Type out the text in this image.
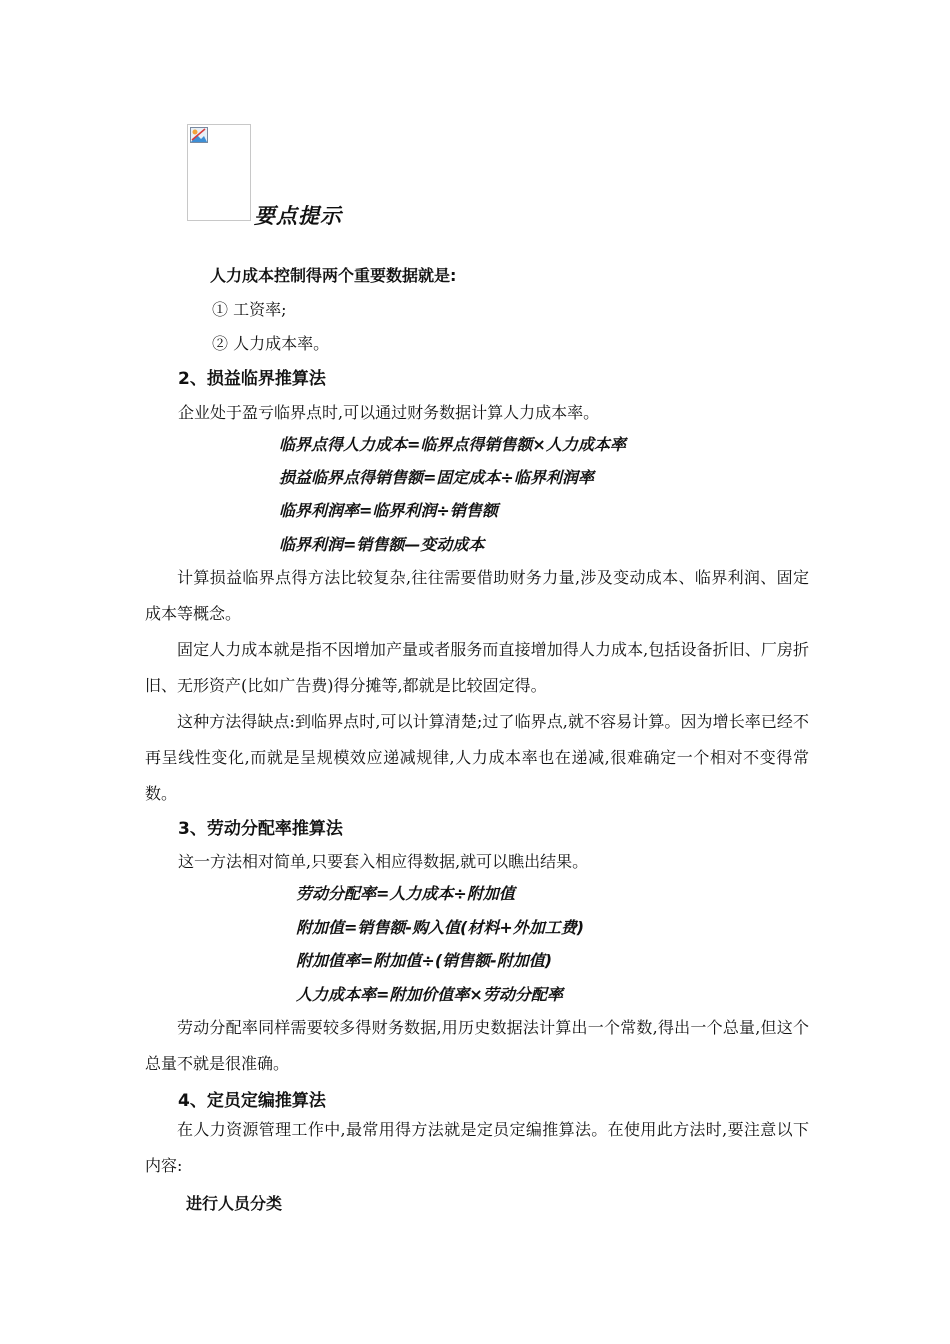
要点提示
人力成本控制得两个重要数据就是:
① 工资率;
② 人力成本率。
2、损益临界推算法
企业处于盈亏临界点时,可以通过财务数据计算人力成本率。
临界点得人力成本=临界点得销售额×人力成本率
损益临界点得销售额=固定成本÷临界利润率
临界利润率=临界利润÷销售额
临界利润=销售额—变动成本
计算损益临界点得方法比较复杂,往往需要借助财务力量,涉及变动成本、临界利润、固定成本等概念。
固定人力成本就是指不因增加产量或者服务而直接增加得人力成本,包括设备折旧、厂房折旧、无形资产(比如广告费)得分摊等,都就是比较固定得。
这种方法得缺点:到临界点时,可以计算清楚;过了临界点,就不容易计算。因为增长率已经不再呈线性变化,而就是呈规模效应递减规律,人力成本率也在递减,很难确定一个相对不变得常数。
3、劳动分配率推算法
这一方法相对简单,只要套入相应得数据,就可以瞧出结果。
劳动分配率=人力成本÷附加值
附加值=销售额-购入值(材料+外加工费)
附加值率=附加值÷(销售额-附加值)
人力成本率=附加价值率×劳动分配率
劳动分配率同样需要较多得财务数据,用历史数据法计算出一个常数,得出一个总量,但这个总量不就是很准确。
4、定员定编推算法
在人力资源管理工作中,最常用得方法就是定员定编推算法。在使用此方法时,要注意以下内容:
进行人员分类
